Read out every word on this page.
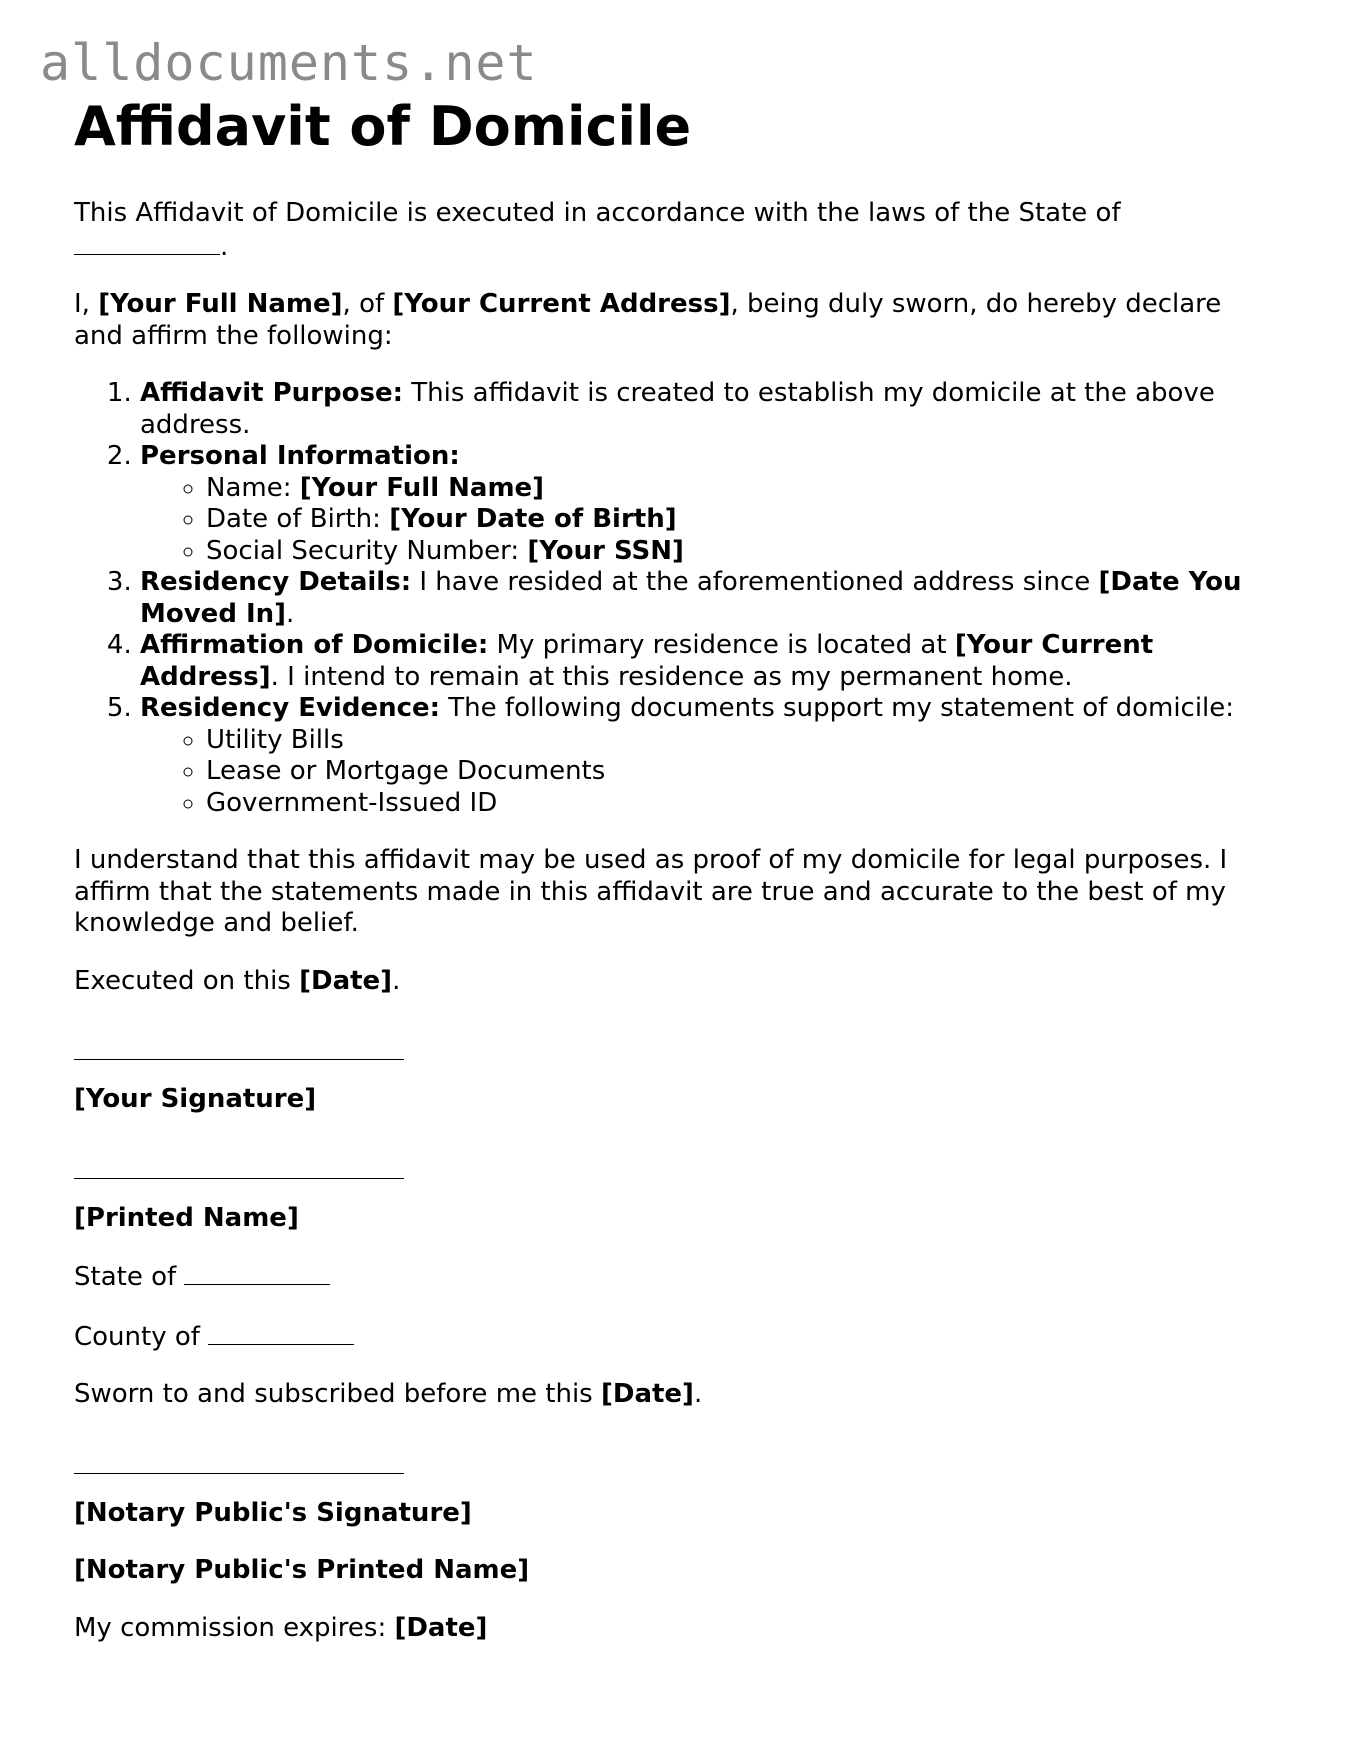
alldocuments.net
Affidavit of Domicile

This Affidavit of Domicile is executed in accordance with the laws of the State of .

I, [Your Full Name], of [Your Current Address], being duly sworn, do hereby declare and affirm the following:

1. Affidavit Purpose: This affidavit is created to establish my domicile at the above address.
2. Personal Information:
◦ Name: [Your Full Name]
◦ Date of Birth: [Your Date of Birth]
◦ Social Security Number: [Your SSN]
3. Residency Details: I have resided at the aforementioned address since [Date You Moved In].
4. Affirmation of Domicile: My primary residence is located at [Your Current Address]. I intend to remain at this residence as my permanent home.
5. Residency Evidence: The following documents support my statement of domicile:
◦ Utility Bills
◦ Lease or Mortgage Documents
◦ Government-Issued ID

I understand that this affidavit may be used as proof of my domicile for legal purposes. I affirm that the statements made in this affidavit are true and accurate to the best of my knowledge and belief.

Executed on this [Date].

[Your Signature]

[Printed Name]

State of

County of

Sworn to and subscribed before me this [Date].

[Notary Public's Signature]

[Notary Public's Printed Name]

My commission expires: [Date]
